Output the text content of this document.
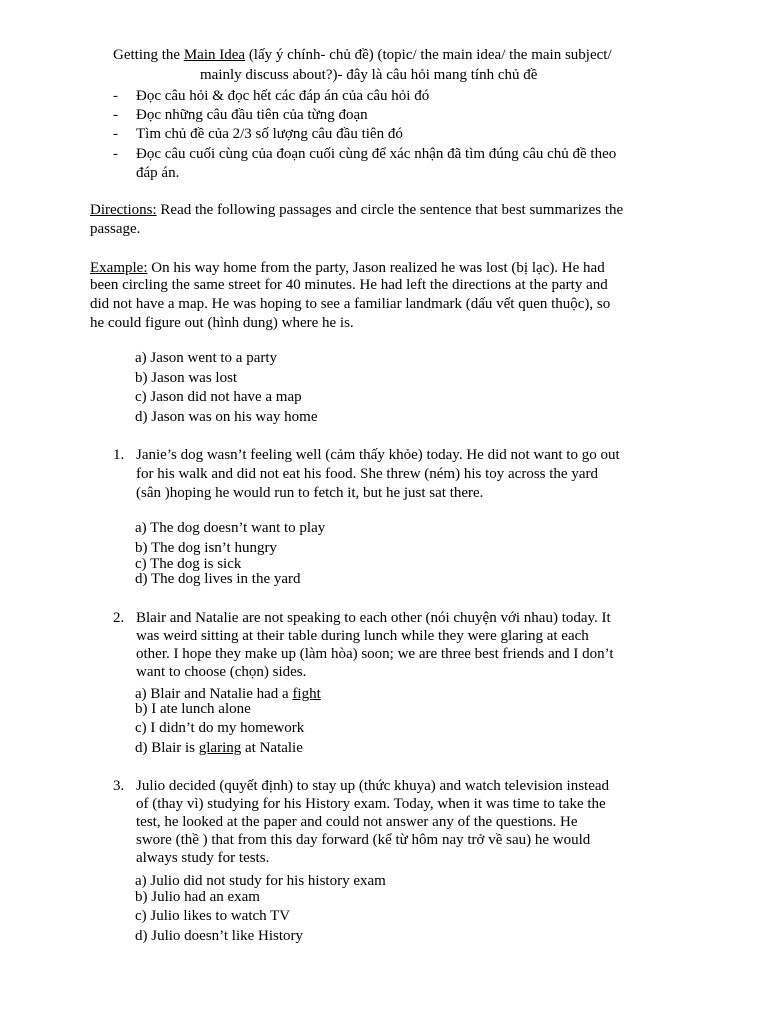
Getting the Main Idea (lấy ý chính- chủ đề) (topic/ the main idea/ the main subject/
mainly discuss about?)- đây là câu hỏi mang tính chủ đề
- Đọc câu hỏi & đọc hết các đáp án của câu hỏi đó
- Đọc những câu đầu tiên của từng đoạn
- Tìm chủ đề của 2/3 số lượng câu đầu tiên đó
- Đọc câu cuối cùng của đoạn cuối cùng để xác nhận đã tìm đúng câu chủ đề theo
đáp án.
Directions: Read the following passages and circle the sentence that best summarizes the
passage.
Example: On his way home from the party, Jason realized he was lost (bị lạc). He had
been circling the same street for 40 minutes. He had left the directions at the party and
did not have a map. He was hoping to see a familiar landmark (dấu vết quen thuộc), so
he could figure out (hình dung) where he is.
a) Jason went to a party
b) Jason was lost
c) Jason did not have a map
d) Jason was on his way home
1. Janie’s dog wasn’t feeling well (cảm thấy khỏe) today. He did not want to go out
for his walk and did not eat his food. She threw (ném) his toy across the yard
(sân )hoping he would run to fetch it, but he just sat there.
a) The dog doesn’t want to play
b) The dog isn’t hungry
c) The dog is sick
d) The dog lives in the yard
2. Blair and Natalie are not speaking to each other (nói chuyện với nhau) today. It
was weird sitting at their table during lunch while they were glaring at each
other. I hope they make up (làm hòa) soon; we are three best friends and I don’t
want to choose (chọn) sides.
a) Blair and Natalie had a fight
b) I ate lunch alone
c) I didn’t do my homework
d) Blair is glaring at Natalie
3. Julio decided (quyết định) to stay up (thức khuya) and watch television instead
of (thay vì) studying for his History exam. Today, when it was time to take the
test, he looked at the paper and could not answer any of the questions. He
swore (thề ) that from this day forward (kể từ hôm nay trở về sau) he would
always study for tests.
a) Julio did not study for his history exam
b) Julio had an exam
c) Julio likes to watch TV
d) Julio doesn’t like History
